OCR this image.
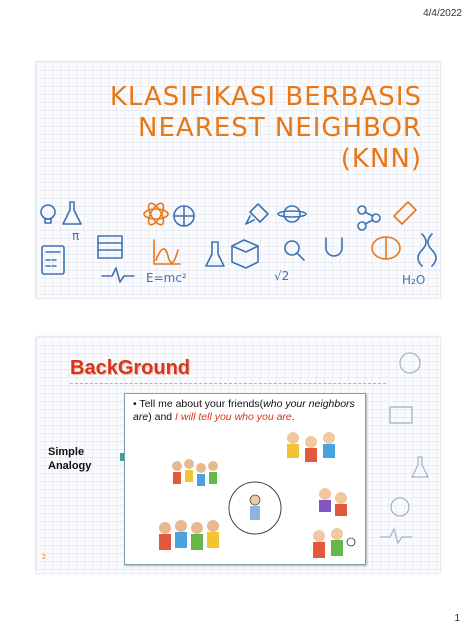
4/4/2022
KLASIFIKASI BERBASIS
NEAREST NEIGHBOR
(KNN)
π
E=mc²	√2	H₂O
BackGround
Simple
Analogy
• Tell me about your friends(who your neighbors are) and I will tell you who you are.
2
1
